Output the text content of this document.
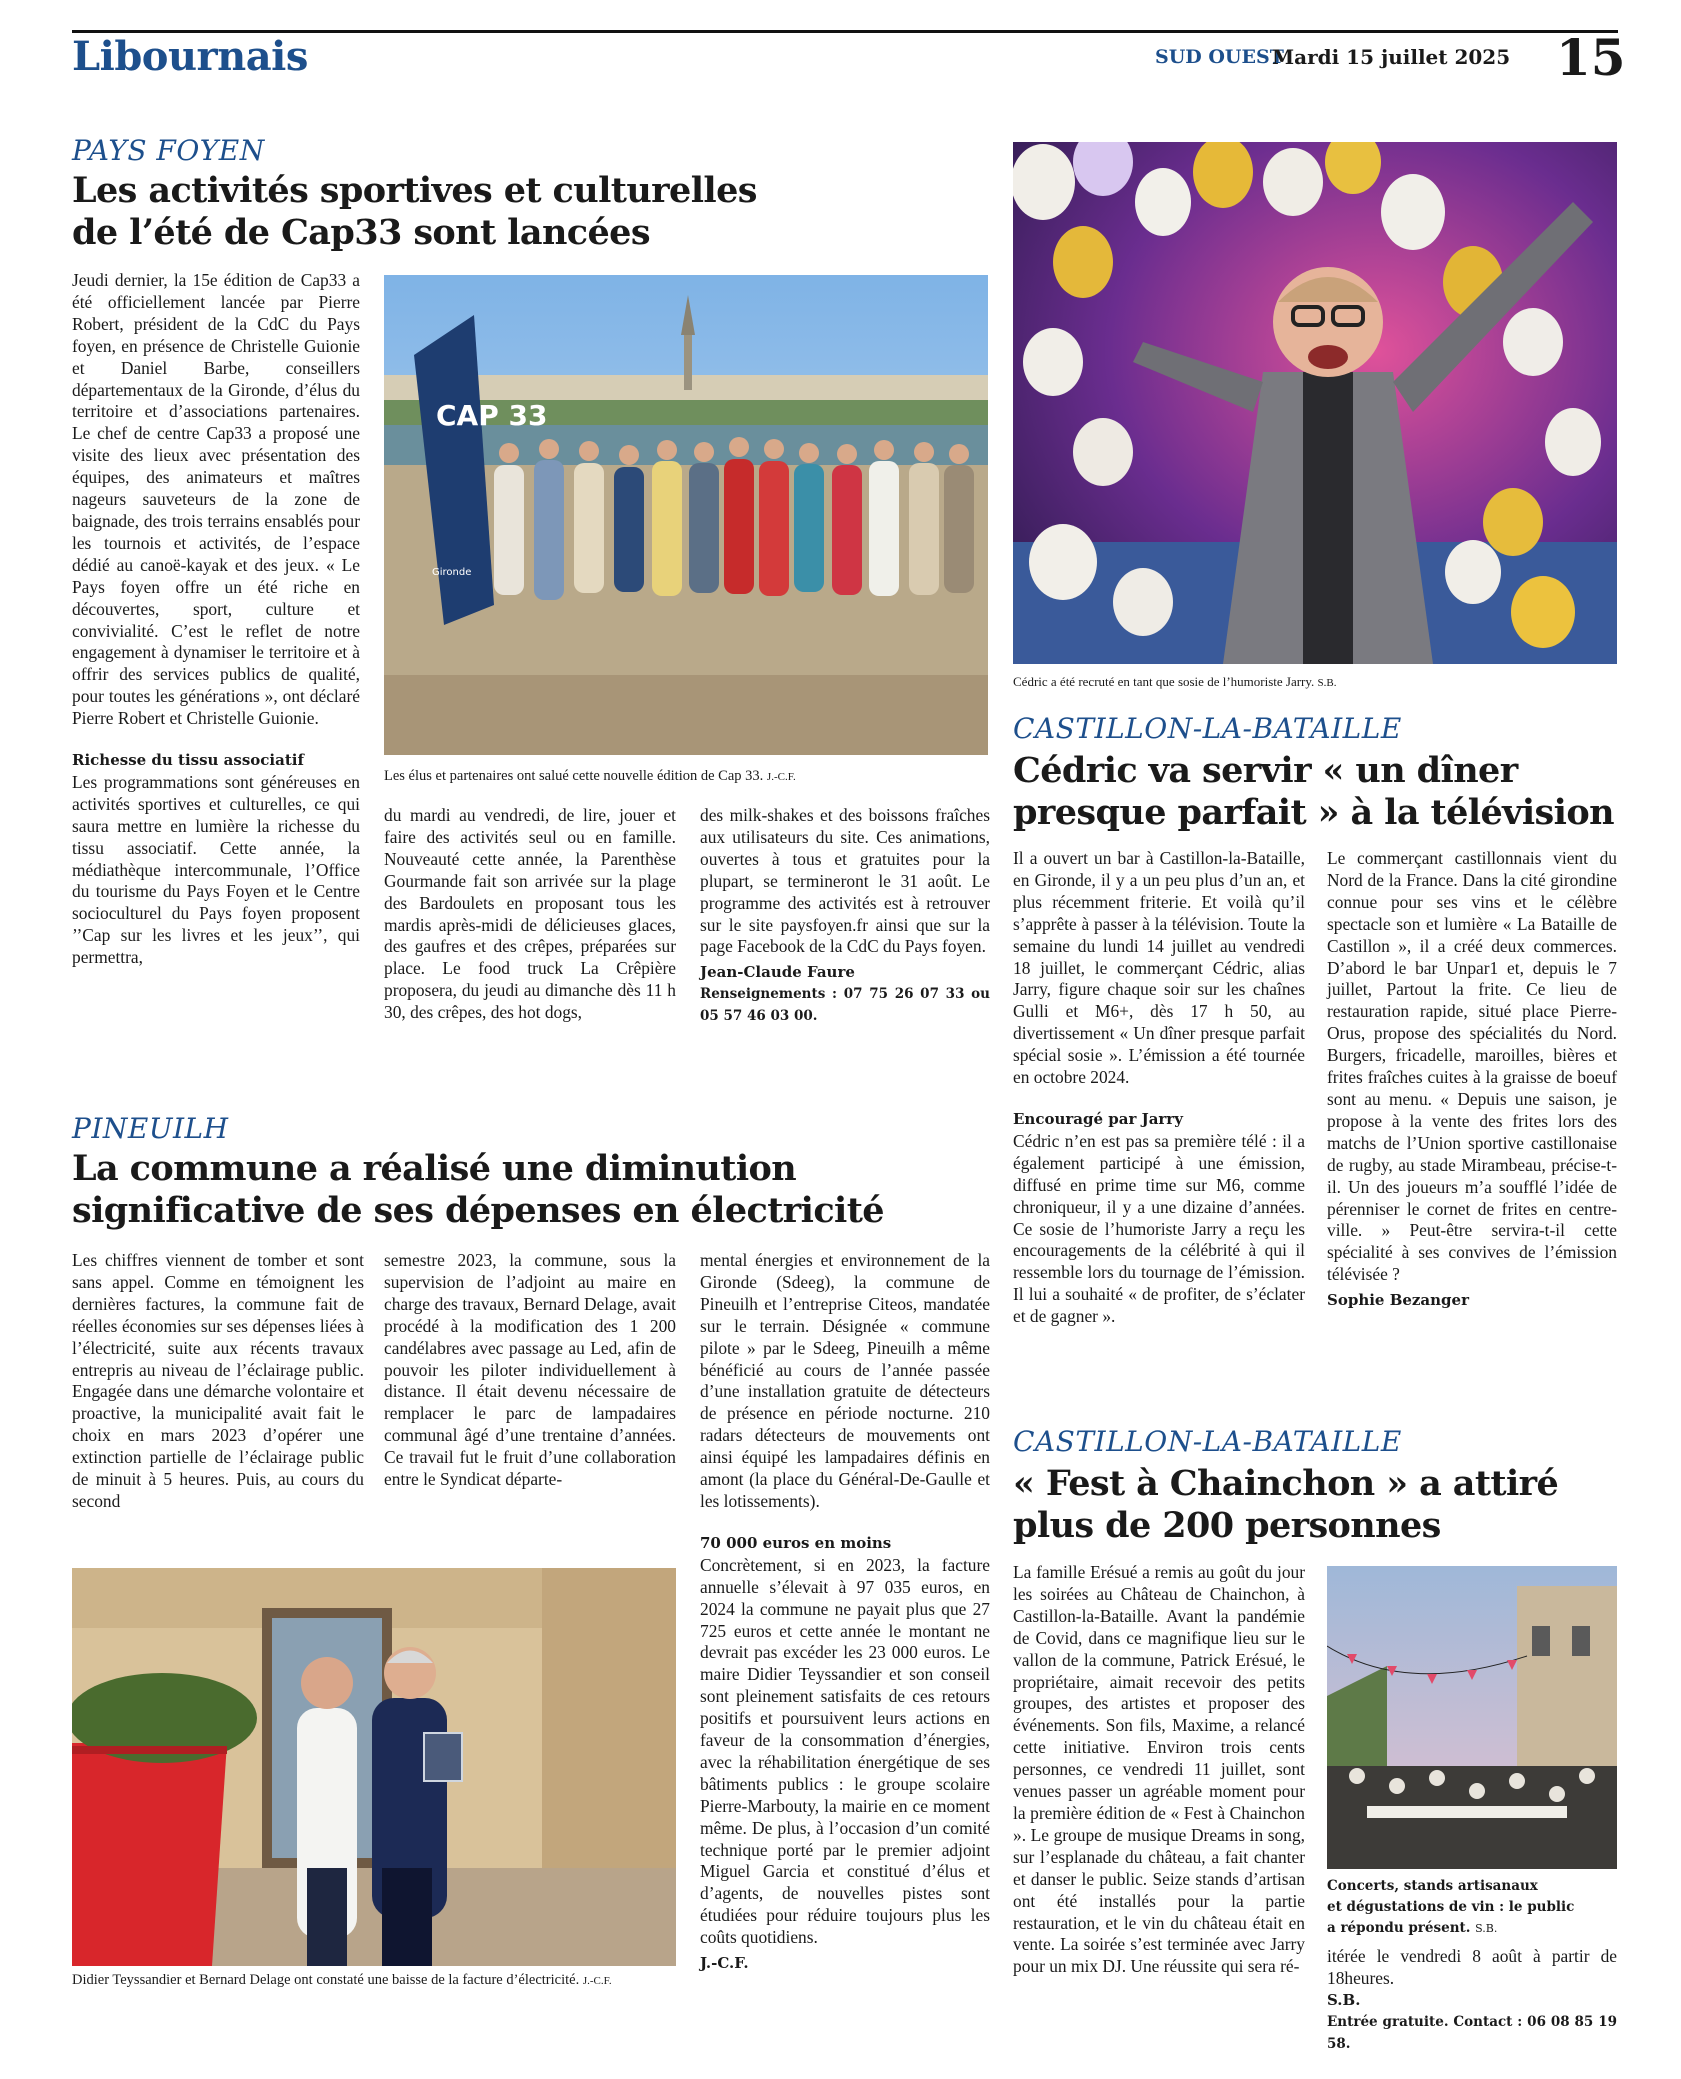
Libournais	SUD OUEST
Mardi 15 juillet 2025 15
PAYS FOYEN
Les activités sportives et culturelles
de l’été de Cap33 sont lancées

Jeudi dernier, la 15e édition de Cap33 a été officiellement lancée par Pierre Robert, président de la CdC du Pays foyen, en présence de Christelle Guionie et Daniel Barbe, conseillers départementaux de la Gironde, d’élus du territoire et d’associations partenaires. Le chef de centre Cap33 a proposé une visite des lieux avec présentation des équipes, des animateurs et maîtres nageurs sauveteurs de la zone de baignade, des trois terrains ensablés pour les tournois et activités, de l’espace dédié au canoë-kayak et des jeux. « Le Pays foyen offre un été riche en découvertes, sport, culture et convivialité. C’est le reflet de notre engagement à dynamiser le territoire et à offrir des services publics de qualité, pour toutes les générations », ont déclaré Pierre Robert et Christelle Guionie.

Richesse du tissu associatif

Les programmations sont généreuses en activités sportives et culturelles, ce qui saura mettre en lumière la richesse du tissu associatif. Cette année, la médiathèque intercommunale, l’Office du tourisme du Pays Foyen et le Centre socioculturel du Pays foyen proposent ’’Cap sur les livres et les jeux’’, qui permettra,

CAP 33
Gironde
Les élus et partenaires ont salué cette nouvelle édition de Cap 33. J.-C.F.

du mardi au vendredi, de lire, jouer et faire des activités seul ou en famille. Nouveauté cette année, la Parenthèse Gourmande fait son arrivée sur la plage des Bardoulets en proposant tous les mardis après-midi de délicieuses glaces, des gaufres et des crêpes, préparées sur place. Le food truck La Crêpière proposera, du jeudi au dimanche dès 11 h 30, des crêpes, des hot dogs,

des milk-shakes et des boissons fraîches aux utilisateurs du site. Ces animations, ouvertes à tous et gratuites pour la plupart, se termineront le 31 août. Le programme des activités est à retrouver sur le site paysfoyen.fr ainsi que sur la page Facebook de la CdC du Pays foyen.

Jean-Claude Faure

Renseignements : 07 75 26 07 33 ou 05 57 46 03 00.

Cédric a été recruté en tant que sosie de l’humoriste Jarry. S.B.
CASTILLON-LA-BATAILLE
Cédric va servir « un dîner
presque parfait » à la télévision

Il a ouvert un bar à Castillon-la-Bataille, en Gironde, il y a un peu plus d’un an, et plus récemment friterie. Et voilà qu’il s’apprête à passer à la télévision. Toute la semaine du lundi 14 juillet au vendredi 18 juillet, le commerçant Cédric, alias Jarry, figure chaque soir sur les chaînes Gulli et M6+, dès 17 h 50, au divertissement « Un dîner presque parfait spécial sosie ». L’émission a été tournée en octobre 2024.

Encouragé par Jarry

Cédric n’en est pas sa première télé : il a également participé à une émission, diffusé en prime time sur M6, comme chroniqueur, il y a une dizaine d’années. Ce sosie de l’humoriste Jarry a reçu les encouragements de la célébrité à qui il ressemble lors du tournage de l’émission. Il lui a souhaité « de profiter, de s’éclater et de gagner ».

Le commerçant castillonnais vient du Nord de la France. Dans la cité girondine connue pour ses vins et le célèbre spectacle son et lumière « La Bataille de Castillon », il a créé deux commerces. D’abord le bar Unpar1 et, depuis le 7 juillet, Partout la frite. Ce lieu de restauration rapide, situé place Pierre-Orus, propose des spécialités du Nord. Burgers, fricadelle, maroilles, bières et frites fraîches cuites à la graisse de boeuf sont au menu. « Depuis une saison, je propose à la vente des frites lors des matchs de l’Union sportive castillonaise de rugby, au stade Mirambeau, précise-t-il. Un des joueurs m’a soufflé l’idée de pérenniser le cornet de frites en centre-ville. » Peut-être servira-t-il cette spécialité à ses convives de l’émission télévisée ?

Sophie Bezanger

PINEUILH
La commune a réalisé une diminution
significative de ses dépenses en électricité

Les chiffres viennent de tomber et sont sans appel. Comme en témoignent les dernières factures, la commune fait de réelles économies sur ses dépenses liées à l’électricité, suite aux récents travaux entrepris au niveau de l’éclairage public. Engagée dans une démarche volontaire et proactive, la municipalité avait fait le choix en mars 2023 d’opérer une extinction partielle de l’éclairage public de minuit à 5 heures. Puis, au cours du second

semestre 2023, la commune, sous la supervision de l’adjoint au maire en charge des travaux, Bernard Delage, avait procédé à la modification des 1 200 candélabres avec passage au Led, afin de pouvoir les piloter individuellement à distance. Il était devenu nécessaire de remplacer le parc de lampadaires communal âgé d’une trentaine d’années. Ce travail fut le fruit d’une collaboration entre le Syndicat départe-

mental énergies et environnement de la Gironde (Sdeeg), la commune de Pineuilh et l’entreprise Citeos, mandatée sur le terrain. Désignée « commune pilote » par le Sdeeg, Pineuilh a même bénéficié au cours de l’année passée d’une installation gratuite de détecteurs de présence en période nocturne. 210 radars détecteurs de mouvements ont ainsi équipé les lampadaires définis en amont (la place du Général-De-Gaulle et les lotissements).

70 000 euros en moins

Concrètement, si en 2023, la facture annuelle s’élevait à 97 035 euros, en 2024 la commune ne payait plus que 27 725 euros et cette année le montant ne devrait pas excéder les 23 000 euros. Le maire Didier Teyssandier et son conseil sont pleinement satisfaits de ces retours positifs et poursuivent leurs actions en faveur de la consommation d’énergies, avec la réhabilitation énergétique de ses bâtiments publics : le groupe scolaire Pierre-Marbouty, la mairie en ce moment même. De plus, à l’occasion d’un comité technique porté par le premier adjoint Miguel Garcia et constitué d’élus et d’agents, de nouvelles pistes sont étudiées pour réduire toujours plus les coûts quotidiens.

J.-C.F.

Didier Teyssandier et Bernard Delage ont constaté une baisse de la facture d’électricité. J.-C.F.
CASTILLON-LA-BATAILLE
« Fest à Chainchon » a attiré
plus de 200 personnes

La famille Erésué a remis au goût du jour les soirées au Château de Chainchon, à Castillon-la-Bataille. Avant la pandémie de Covid, dans ce magnifique lieu sur le vallon de la commune, Patrick Erésué, le propriétaire, aimait recevoir des petits groupes, des artistes et proposer des événements. Son fils, Maxime, a relancé cette initiative. Environ trois cents personnes, ce vendredi 11 juillet, sont venues passer un agréable moment pour la première édition de « Fest à Chainchon ». Le groupe de musique Dreams in song, sur l’esplanade du château, a fait chanter et danser le public. Seize stands d’artisan ont été installés pour la partie restauration, et le vin du château était en vente. La soirée s’est terminée avec Jarry pour un mix DJ. Une réussite qui sera ré-

Concerts, stands artisanaux
et dégustations de vin : le public
a répondu présent. S.B.

itérée le vendredi 8 août à partir de 18heures.

S.B.

Entrée gratuite. Contact : 06 08 85 19 58.
